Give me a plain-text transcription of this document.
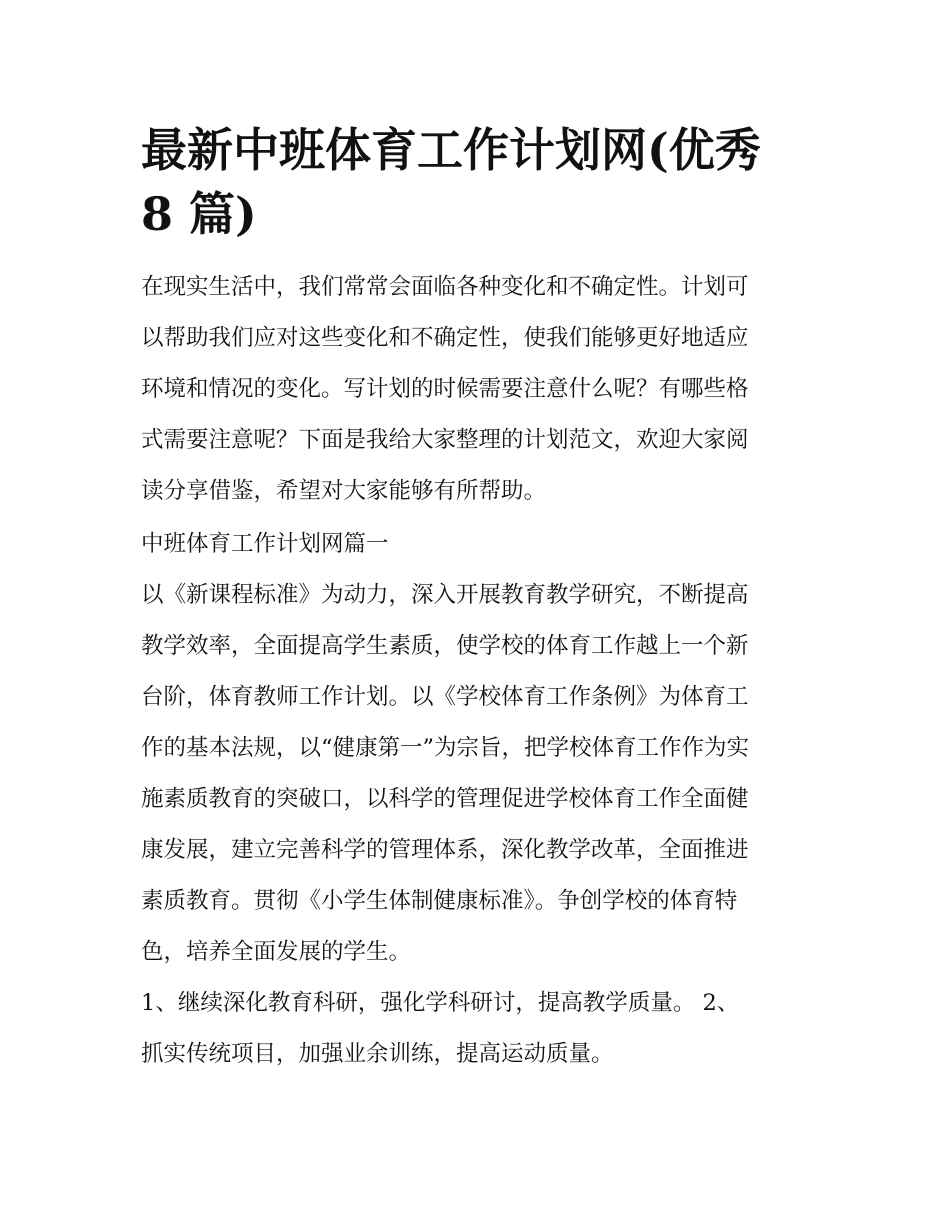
最新中班体育工作计划网(优秀
8 篇)

在现实生活中，我们常常会面临各种变化和不确定性。计划可
以帮助我们应对这些变化和不确定性，使我们能够更好地适应
环境和情况的变化。写计划的时候需要注意什么呢？有哪些格
式需要注意呢？下面是我给大家整理的计划范文，欢迎大家阅
读分享借鉴，希望对大家能够有所帮助。

中班体育工作计划网篇一

以《新课程标准》为动力，深入开展教育教学研究，不断提高
教学效率，全面提高学生素质，使学校的体育工作越上一个新
台阶，体育教师工作计划。以《学校体育工作条例》为体育工
作的基本法规，以“健康第一”为宗旨，把学校体育工作作为实
施素质教育的突破口，以科学的管理促进学校体育工作全面健
康发展，建立完善科学的管理体系，深化教学改革，全面推进
素质教育。贯彻《小学生体制健康标准》。争创学校的体育特
色，培养全面发展的学生。

1、继续深化教育科研，强化学科研讨，提高教学质量。 2、
抓实传统项目，加强业余训练，提高运动质量。
